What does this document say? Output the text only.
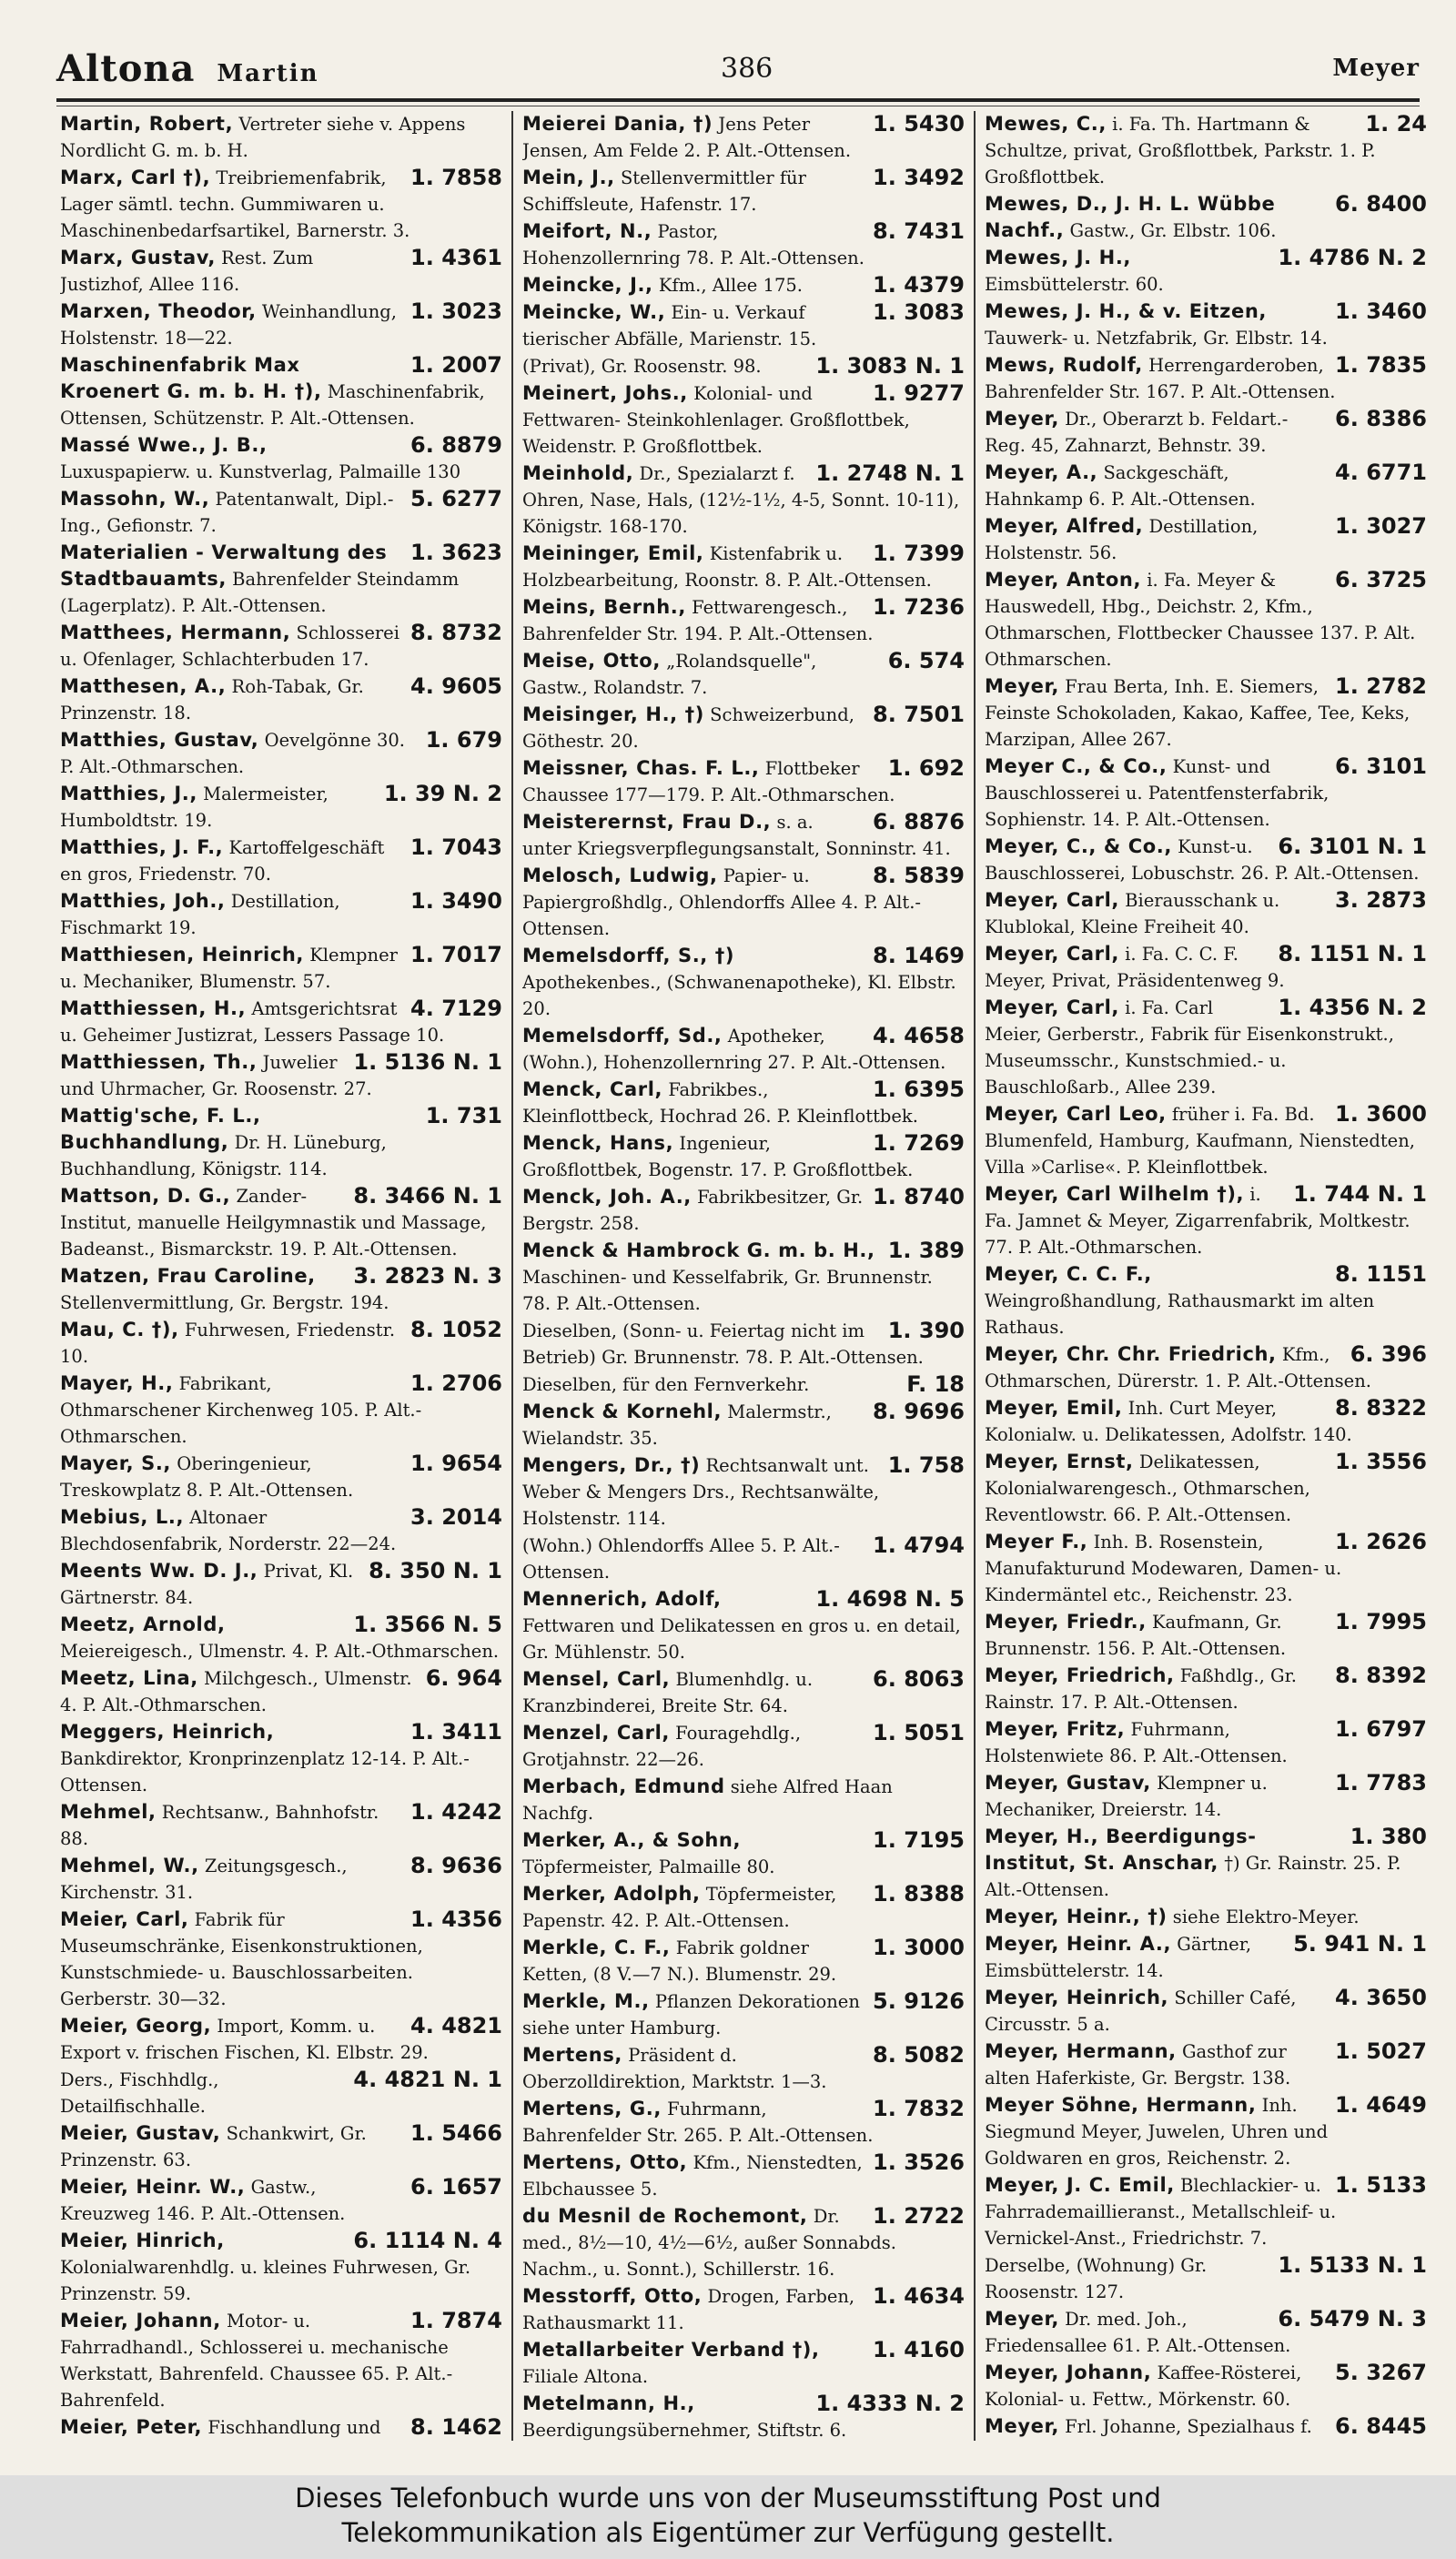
Altona Martin	386	Meyer
Martin, Robert, Vertreter siehe v. Appens Nordlicht G. m. b. H.
1. 7858
Marx, Carl †), Treibriemenfabrik, Lager sämtl. techn. Gummiwaren u. Maschinenbedarfsartikel, Barnerstr. 3.
1. 4361
Marx, Gustav, Rest. Zum Justizhof, Allee 116.
1. 3023
Marxen, Theodor, Weinhandlung, Holstenstr. 18—22.
1. 2007
Maschinenfabrik Max Kroenert G. m. b. H. †), Maschinenfabrik, Ottensen, Schützenstr. P. Alt.-Ottensen.
6. 8879
Massé Wwe., J. B., Luxuspapierw. u. Kunstverlag, Palmaille 130
5. 6277
Massohn, W., Patentanwalt, Dipl.-Ing., Gefionstr. 7.
1. 3623
Materialien - Verwaltung des Stadtbauamts, Bahrenfelder Steindamm (Lagerplatz). P. Alt.-Ottensen.
8. 8732
Matthees, Hermann, Schlosserei u. Ofenlager, Schlachterbuden 17.
4. 9605
Matthesen, A., Roh-Tabak, Gr. Prinzenstr. 18.
1. 679
Matthies, Gustav, Oevelgönne 30. P. Alt.-Othmarschen.
1. 39 N. 2
Matthies, J., Malermeister, Humboldtstr. 19.
1. 7043
Matthies, J. F., Kartoffelgeschäft en gros, Friedenstr. 70.
1. 3490
Matthies, Joh., Destillation, Fischmarkt 19.
1. 7017
Matthiesen, Heinrich, Klempner u. Mechaniker, Blumenstr. 57.
4. 7129
Matthiessen, H., Amtsgerichtsrat u. Geheimer Justizrat, Lessers Passage 10.
1. 5136 N. 1
Matthiessen, Th., Juwelier und Uhrmacher, Gr. Roosenstr. 27.
1. 731
Mattig'sche, F. L., Buchhandlung, Dr. H. Lüneburg, Buchhandlung, Königstr. 114.
8. 3466 N. 1
Mattson, D. G., Zander-Institut, manuelle Heilgymnastik und Massage, Badeanst., Bismarckstr. 19. P. Alt.-Ottensen.
3. 2823 N. 3
Matzen, Frau Caroline, Stellenvermittlung, Gr. Bergstr. 194.
8. 1052
Mau, C. †), Fuhrwesen, Friedenstr. 10.
1. 2706
Mayer, H., Fabrikant, Othmarschener Kirchenweg 105. P. Alt.-Othmarschen.
1. 9654
Mayer, S., Oberingenieur, Treskowplatz 8. P. Alt.-Ottensen.
3. 2014
Mebius, L., Altonaer Blechdosenfabrik, Norderstr. 22—24.
8. 350 N. 1
Meents Ww. D. J., Privat, Kl. Gärtnerstr. 84.
1. 3566 N. 5
Meetz, Arnold, Meiereigesch., Ulmenstr. 4. P. Alt.-Othmarschen.
6. 964
Meetz, Lina, Milchgesch., Ulmenstr. 4. P. Alt.-Othmarschen.
1. 3411
Meggers, Heinrich, Bankdirektor, Kronprinzenplatz 12-14. P. Alt.-Ottensen.
1. 4242
Mehmel, Rechtsanw., Bahnhofstr. 88.
8. 9636
Mehmel, W., Zeitungsgesch., Kirchenstr. 31.
1. 4356
Meier, Carl, Fabrik für Museumschränke, Eisenkonstruktionen, Kunstschmiede- u. Bauschlossarbeiten. Gerberstr. 30—32.
4. 4821
Meier, Georg, Import, Komm. u. Export v. frischen Fischen, Kl. Elbstr. 29.
4. 4821 N. 1
Ders., Fischhdlg., Detailfischhalle.
1. 5466
Meier, Gustav, Schankwirt, Gr. Prinzenstr. 63.
6. 1657
Meier, Heinr. W., Gastw., Kreuzweg 146. P. Alt.-Ottensen.
6. 1114 N. 4
Meier, Hinrich, Kolonialwarenhdlg. u. kleines Fuhrwesen, Gr. Prinzenstr. 59.
1. 7874
Meier, Johann, Motor- u. Fahrradhandl., Schlosserei u. mechanische Werkstatt, Bahrenfeld. Chaussee 65. P. Alt.-Bahrenfeld.
8. 1462
Meier, Peter, Fischhandlung und
1. 5430
Meierei Dania, †) Jens Peter Jensen, Am Felde 2. P. Alt.-Ottensen.
1. 3492
Mein, J., Stellenvermittler für Schiffsleute, Hafenstr. 17.
8. 7431
Meifort, N., Pastor, Hohenzollernring 78. P. Alt.-Ottensen.
1. 4379
Meincke, J., Kfm., Allee 175.
1. 3083
Meincke, W., Ein- u. Verkauf tierischer Abfälle, Marienstr. 15.
1. 3083 N. 1
(Privat), Gr. Roosenstr. 98.
1. 9277
Meinert, Johs., Kolonial- und Fettwaren- Steinkohlenlager. Großflottbek, Weidenstr. P. Großflottbek.
1. 2748 N. 1
Meinhold, Dr., Spezialarzt f. Ohren, Nase, Hals, (12½-1½, 4-5, Sonnt. 10-11), Königstr. 168-170.
1. 7399
Meininger, Emil, Kistenfabrik u. Holzbearbeitung, Roonstr. 8. P. Alt.-Ottensen.
1. 7236
Meins, Bernh., Fettwarengesch., Bahrenfelder Str. 194. P. Alt.-Ottensen.
6. 574
Meise, Otto, „Rolandsquelle", Gastw., Rolandstr. 7.
8. 7501
Meisinger, H., †) Schweizerbund, Göthestr. 20.
1. 692
Meissner, Chas. F. L., Flottbeker Chaussee 177—179. P. Alt.-Othmarschen.
6. 8876
Meisterernst, Frau D., s. a. unter Kriegsverpflegungsanstalt, Sonninstr. 41.
8. 5839
Melosch, Ludwig, Papier- u. Papiergroßhdlg., Ohlendorffs Allee 4. P. Alt.-Ottensen.
8. 1469
Memelsdorff, S., †) Apothekenbes., (Schwanenapotheke), Kl. Elbstr. 20.
4. 4658
Memelsdorff, Sd., Apotheker, (Wohn.), Hohenzollernring 27. P. Alt.-Ottensen.
1. 6395
Menck, Carl, Fabrikbes., Kleinflottbeck, Hochrad 26. P. Kleinflottbek.
1. 7269
Menck, Hans, Ingenieur, Großflottbek, Bogenstr. 17. P. Großflottbek.
1. 8740
Menck, Joh. A., Fabrikbesitzer, Gr. Bergstr. 258.
1. 389
Menck & Hambrock G. m. b. H., Maschinen- und Kesselfabrik, Gr. Brunnenstr. 78. P. Alt.-Ottensen.
1. 390
Dieselben, (Sonn- u. Feiertag nicht im Betrieb) Gr. Brunnenstr. 78. P. Alt.-Ottensen.
F. 18
Dieselben, für den Fernverkehr.
8. 9696
Menck & Kornehl, Malermstr., Wielandstr. 35.
1. 758
Mengers, Dr., †) Rechtsanwalt unt. Weber & Mengers Drs., Rechtsanwälte, Holstenstr. 114.
1. 4794
(Wohn.) Ohlendorffs Allee 5. P. Alt.-Ottensen.
1. 4698 N. 5
Mennerich, Adolf, Fettwaren und Delikatessen en gros u. en detail, Gr. Mühlenstr. 50.
6. 8063
Mensel, Carl, Blumenhdlg. u. Kranzbinderei, Breite Str. 64.
1. 5051
Menzel, Carl, Fouragehdlg., Grotjahnstr. 22—26.
Merbach, Edmund siehe Alfred Haan Nachfg.
1. 7195
Merker, A., & Sohn, Töpfermeister, Palmaille 80.
1. 8388
Merker, Adolph, Töpfermeister, Papenstr. 42. P. Alt.-Ottensen.
1. 3000
Merkle, C. F., Fabrik goldner Ketten, (8 V.—7 N.). Blumenstr. 29.
5. 9126
Merkle, M., Pflanzen Dekorationen siehe unter Hamburg.
8. 5082
Mertens, Präsident d. Oberzolldirektion, Marktstr. 1—3.
1. 7832
Mertens, G., Fuhrmann, Bahrenfelder Str. 265. P. Alt.-Ottensen.
1. 3526
Mertens, Otto, Kfm., Nienstedten, Elbchaussee 5.
1. 2722
du Mesnil de Rochemont, Dr. med., 8½—10, 4½—6½, außer Sonnabds. Nachm., u. Sonnt.), Schillerstr. 16.
1. 4634
Messtorff, Otto, Drogen, Farben, Rathausmarkt 11.
1. 4160
Metallarbeiter Verband †), Filiale Altona.
1. 4333 N. 2
Metelmann, H., Beerdigungsübernehmer, Stiftstr. 6.
1. 24
Mewes, C., i. Fa. Th. Hartmann & Schultze, privat, Großflottbek, Parkstr. 1. P. Großflottbek.
6. 8400
Mewes, D., J. H. L. Wübbe Nachf., Gastw., Gr. Elbstr. 106.
1. 4786 N. 2
Mewes, J. H., Eimsbüttelerstr. 60.
1. 3460
Mewes, J. H., & v. Eitzen, Tauwerk- u. Netzfabrik, Gr. Elbstr. 14.
1. 7835
Mews, Rudolf, Herrengarderoben, Bahrenfelder Str. 167. P. Alt.-Ottensen.
6. 8386
Meyer, Dr., Oberarzt b. Feldart.-Reg. 45, Zahnarzt, Behnstr. 39.
4. 6771
Meyer, A., Sackgeschäft, Hahnkamp 6. P. Alt.-Ottensen.
1. 3027
Meyer, Alfred, Destillation, Holstenstr. 56.
6. 3725
Meyer, Anton, i. Fa. Meyer & Hauswedell, Hbg., Deichstr. 2, Kfm., Othmarschen, Flottbecker Chaussee 137. P. Alt. Othmarschen.
1. 2782
Meyer, Frau Berta, Inh. E. Siemers, Feinste Schokoladen, Kakao, Kaffee, Tee, Keks, Marzipan, Allee 267.
6. 3101
Meyer C., & Co., Kunst- und Bauschlosserei u. Patentfensterfabrik, Sophienstr. 14. P. Alt.-Ottensen.
6. 3101 N. 1
Meyer, C., & Co., Kunst-u. Bauschlosserei, Lobuschstr. 26. P. Alt.-Ottensen.
3. 2873
Meyer, Carl, Bierausschank u. Klublokal, Kleine Freiheit 40.
8. 1151 N. 1
Meyer, Carl, i. Fa. C. C. F. Meyer, Privat, Präsidentenweg 9.
1. 4356 N. 2
Meyer, Carl, i. Fa. Carl Meier, Gerberstr., Fabrik für Eisenkonstrukt., Museumsschr., Kunstschmied.- u. Bauschloßarb., Allee 239.
1. 3600
Meyer, Carl Leo, früher i. Fa. Bd. Blumenfeld, Hamburg, Kaufmann, Nienstedten, Villa »Carlise«. P. Kleinflottbek.
1. 744 N. 1
Meyer, Carl Wilhelm †), i. Fa. Jamnet & Meyer, Zigarrenfabrik, Moltkestr. 77. P. Alt.-Othmarschen.
8. 1151
Meyer, C. C. F., Weingroßhandlung, Rathausmarkt im alten Rathaus.
6. 396
Meyer, Chr. Chr. Friedrich, Kfm., Othmarschen, Dürerstr. 1. P. Alt.-Ottensen.
8. 8322
Meyer, Emil, Inh. Curt Meyer, Kolonialw. u. Delikatessen, Adolfstr. 140.
1. 3556
Meyer, Ernst, Delikatessen, Kolonialwarengesch., Othmarschen, Reventlowstr. 66. P. Alt.-Ottensen.
1. 2626
Meyer F., Inh. B. Rosenstein, Manufakturund Modewaren, Damen- u. Kindermäntel etc., Reichenstr. 23.
1. 7995
Meyer, Friedr., Kaufmann, Gr. Brunnenstr. 156. P. Alt.-Ottensen.
8. 8392
Meyer, Friedrich, Faßhdlg., Gr. Rainstr. 17. P. Alt.-Ottensen.
1. 6797
Meyer, Fritz, Fuhrmann, Holstenwiete 86. P. Alt.-Ottensen.
1. 7783
Meyer, Gustav, Klempner u. Mechaniker, Dreierstr. 14.
1. 380
Meyer, H., Beerdigungs-Institut, St. Anschar, †) Gr. Rainstr. 25. P. Alt.-Ottensen.
Meyer, Heinr., †) siehe Elektro-Meyer.
5. 941 N. 1
Meyer, Heinr. A., Gärtner, Eimsbüttelerstr. 14.
4. 3650
Meyer, Heinrich, Schiller Café, Circusstr. 5 a.
1. 5027
Meyer, Hermann, Gasthof zur alten Haferkiste, Gr. Bergstr. 138.
1. 4649
Meyer Söhne, Hermann, Inh. Siegmund Meyer, Juwelen, Uhren und Goldwaren en gros, Reichenstr. 2.
1. 5133
Meyer, J. C. Emil, Blechlackier- u. Fahrrademaillieranst., Metallschleif- u. Vernickel-Anst., Friedrichstr. 7.
1. 5133 N. 1
Derselbe, (Wohnung) Gr. Roosenstr. 127.
6. 5479 N. 3
Meyer, Dr. med. Joh., Friedensallee 61. P. Alt.-Ottensen.
5. 3267
Meyer, Johann, Kaffee-Rösterei, Kolonial- u. Fettw., Mörkenstr. 60.
6. 8445
Meyer, Frl. Johanne, Spezialhaus f.
Dieses Telefonbuch wurde uns von der Museumsstiftung Post und
Telekommunikation als Eigentümer zur Verfügung gestellt.
